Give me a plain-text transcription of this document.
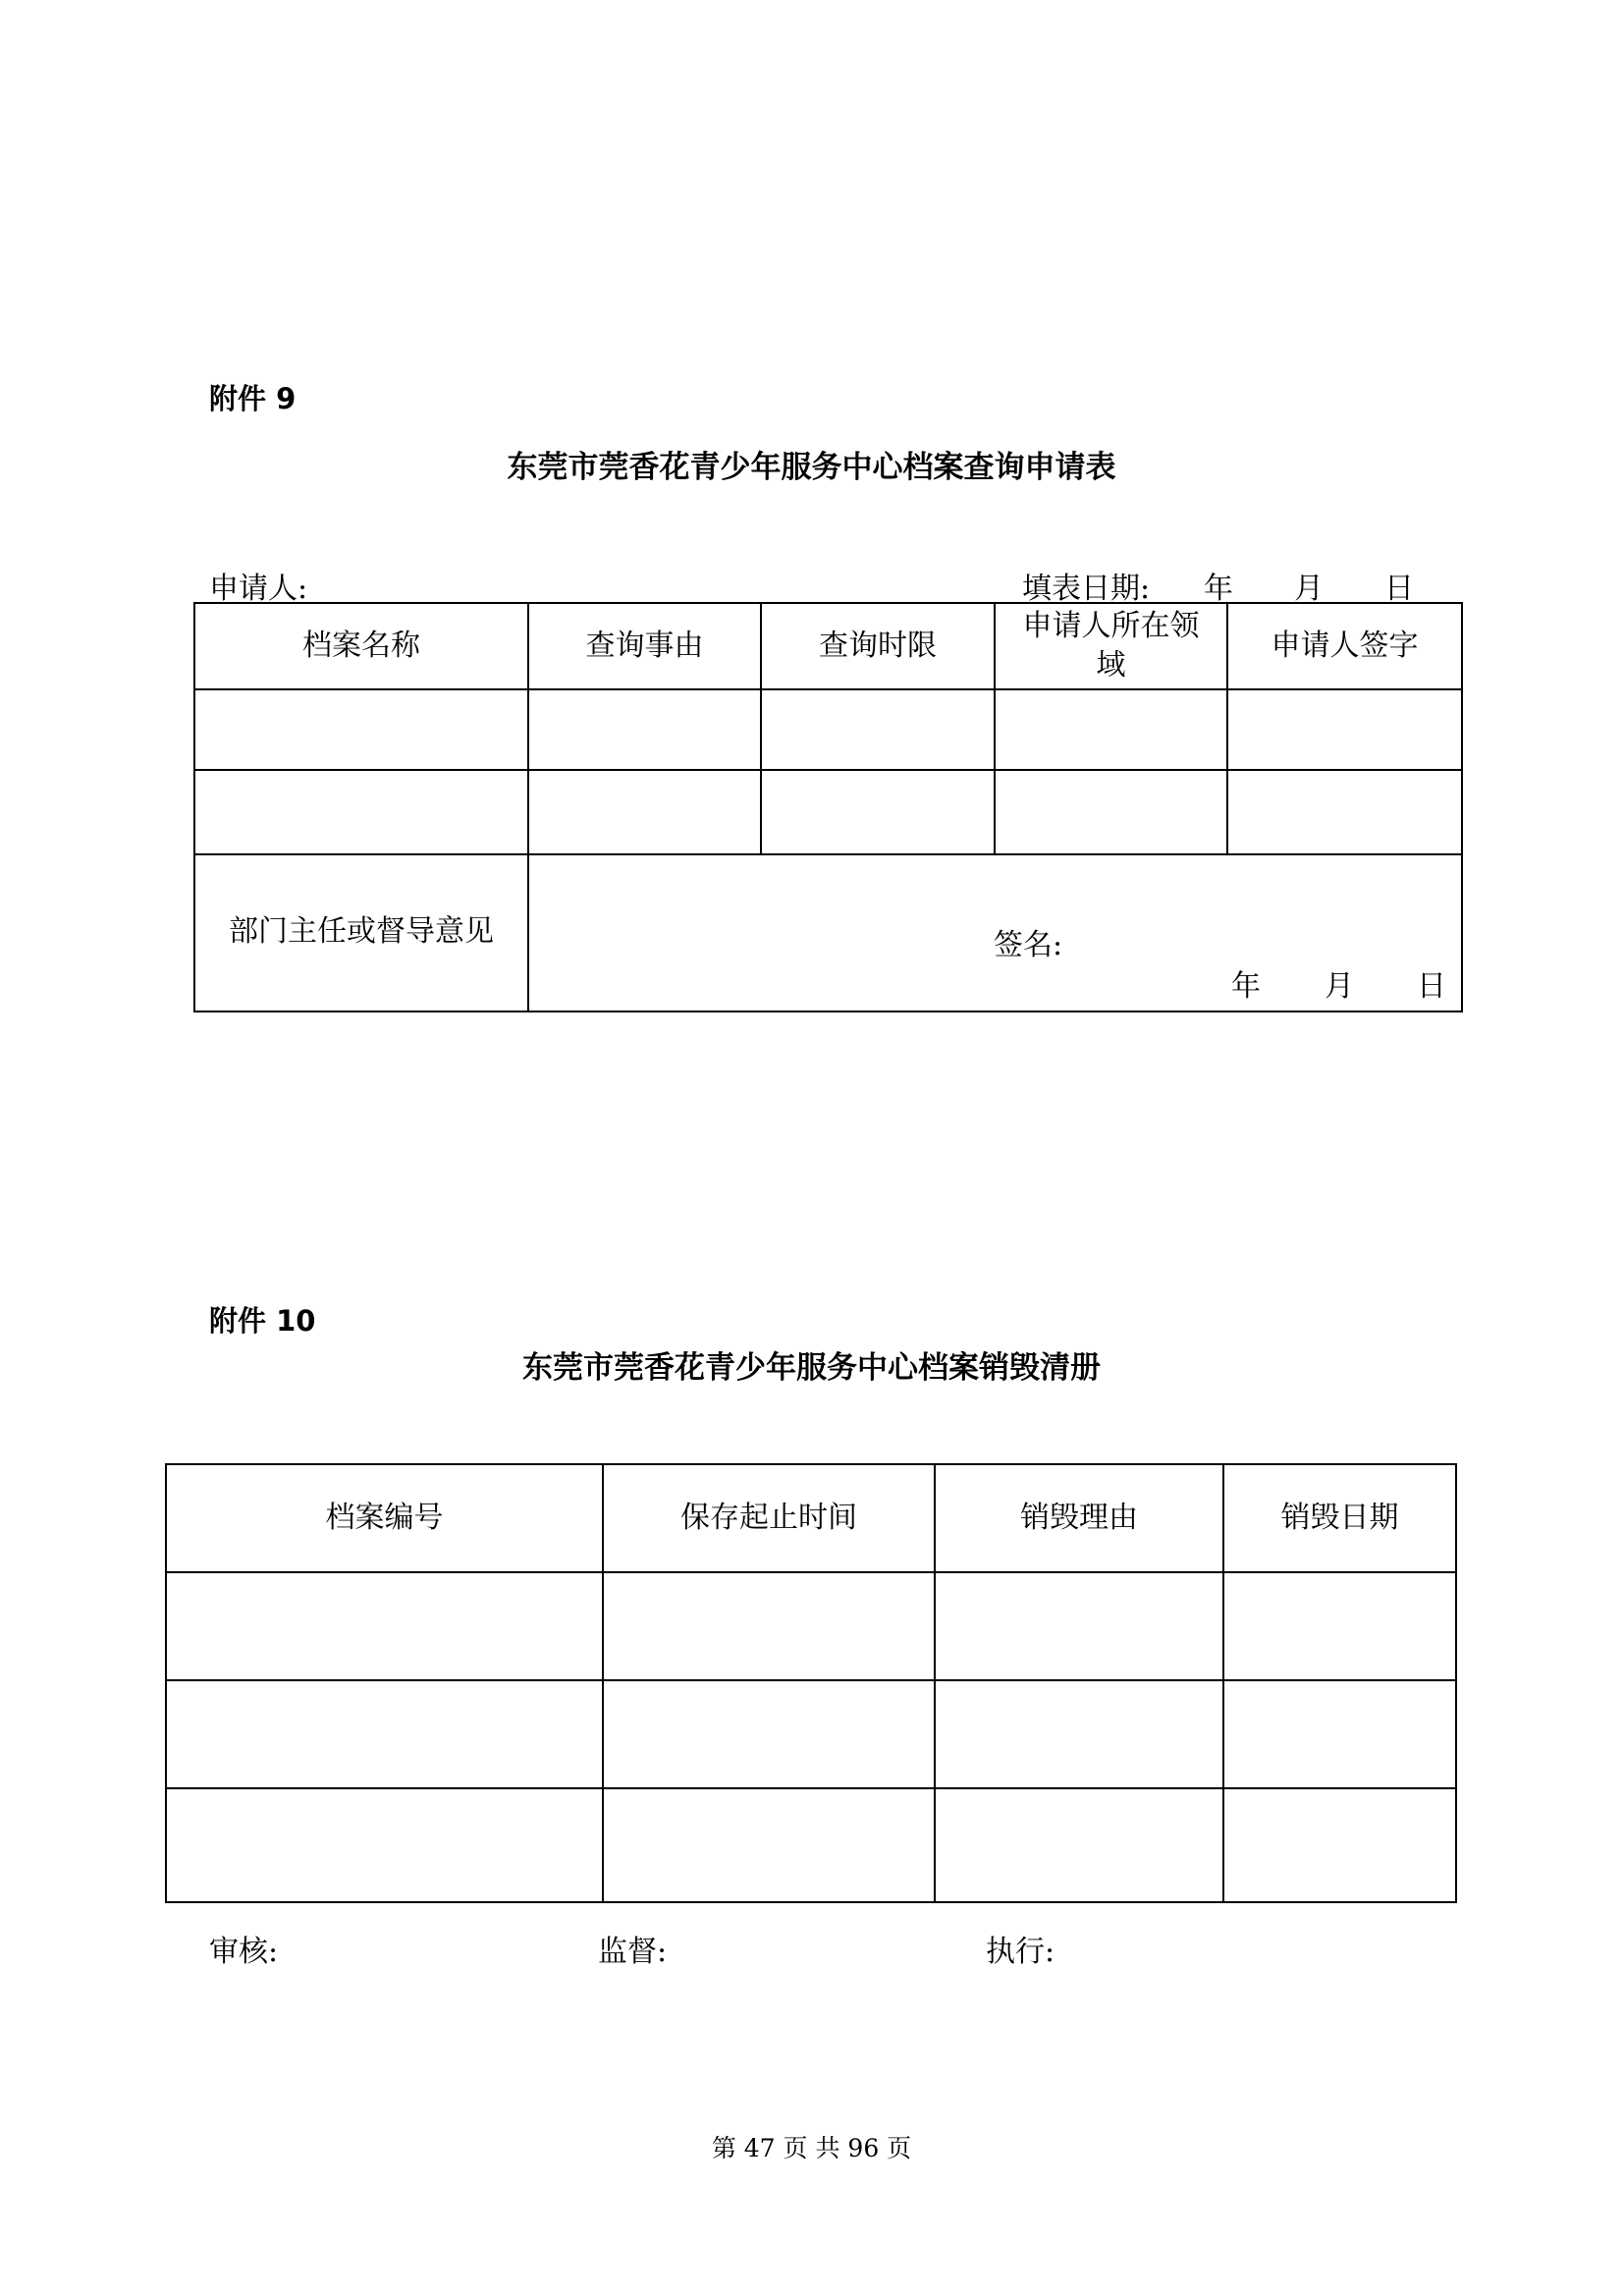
附件 9
东莞市莞香花青少年服务中心档案查询申请表
申请人:	填表日期: 年 月 日
档案名称	查询事由	查询时限	申请人所在领域	申请人签字

部门主任或督导意见	签名:
年 月 日			
附件 10
东莞市莞香花青少年服务中心档案销毁清册
档案编号	保存起止时间	销毁理由	销毁日期

审核:	监督:	执行:
第 47 页 共 96 页
